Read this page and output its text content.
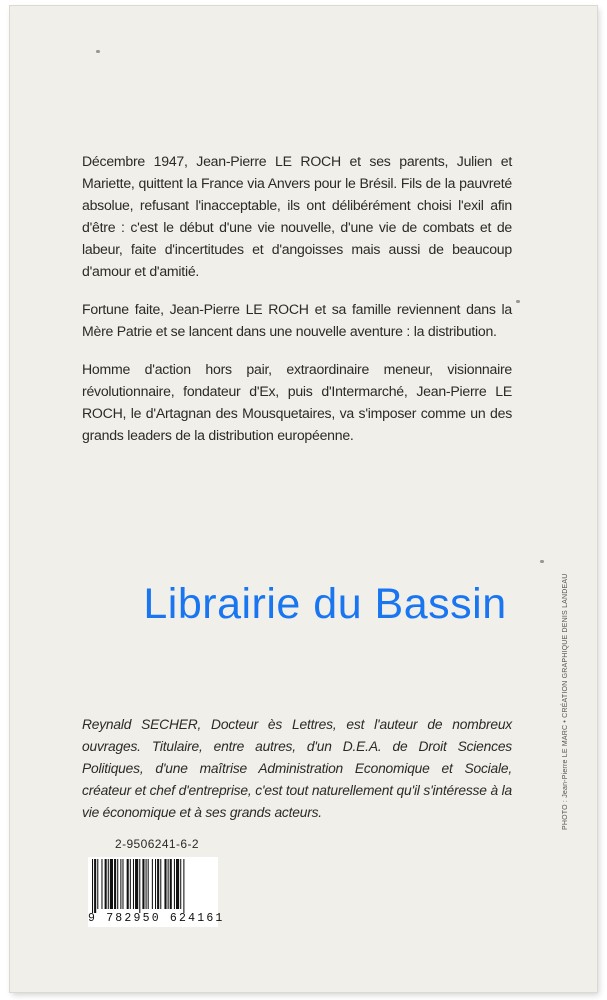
Décembre 1947, Jean-Pierre LE ROCH et ses parents, Julien et Mariette, quittent la France via Anvers pour le Brésil. Fils de la pauvreté absolue, refusant l'inacceptable, ils ont délibérément choisi l'exil afin d'être : c'est le début d'une vie nouvelle, d'une vie de combats et de labeur, faite d'incertitudes et d'angoisses mais aussi de beaucoup d'amour et d'amitié.

Fortune faite, Jean-Pierre LE ROCH et sa famille reviennent dans la Mère Patrie et se lancent dans une nouvelle aventure : la distribution.

Homme d'action hors pair, extraordinaire meneur, visionnaire révolutionnaire, fondateur d'Ex, puis d'Intermarché, Jean-Pierre LE ROCH, le d'Artagnan des Mousquetaires, va s'imposer comme un des grands leaders de la distribution européenne.

Librairie du Bassin	PHOTO : Jean-Pierre LE MARC • CRÉATION GRAPHIQUE DENIS LANDEAU
Reynald SECHER, Docteur ès Lettres, est l'auteur de nombreux ouvrages. Titulaire, entre autres, d'un D.E.A. de Droit Sciences Politiques, d'une maîtrise Administration Economique et Sociale, créateur et chef d'entreprise, c'est tout naturellement qu'il s'intéresse à la vie économique et à ses grands acteurs.
2-9506241-6-2
9 782950 624161
